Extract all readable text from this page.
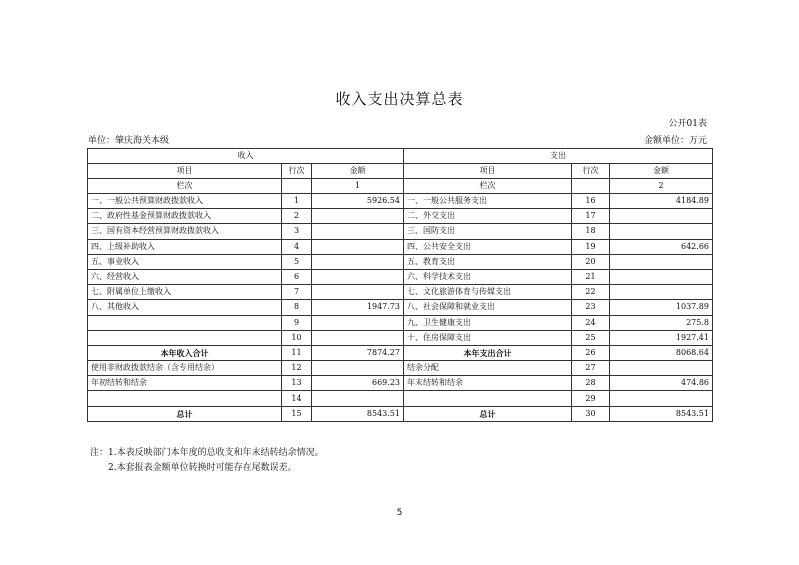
收入支出决算总表
公开01表
单位：肇庆海关本级	金额单位：万元
收入			支出		
项目	行次	金额	项目	行次	金额
栏次		1	栏次		2
一、一般公共预算财政拨款收入	1	5926.54	一、一般公共服务支出	16	4184.89
二、政府性基金预算财政拨款收入	2		二、外交支出	17	
三、国有资本经营预算财政拨款收入	3		三、国防支出	18	
四、上级补助收入	4		四、公共安全支出	19	642.66
五、事业收入	5		五、教育支出	20	
六、经营收入	6		六、科学技术支出	21	
七、附属单位上缴收入	7		七、文化旅游体育与传媒支出	22	
八、其他收入	8	1947.73	八、社会保障和就业支出	23	1037.89
	9		九、卫生健康支出	24	275.8
	10		十、住房保障支出	25	1927.41
本年收入合计	11	7874.27	本年支出合计	26	8068.64
使用非财政拨款结余（含专用结余）	12		结余分配	27	
年初结转和结余	13	669.23	年末结转和结余	28	474.86
	14			29	
总计	15	8543.51	总计	30	8543.51
注：1.本表反映部门本年度的总收支和年末结转结余情况。
2.本套报表金额单位转换时可能存在尾数误差。
5
